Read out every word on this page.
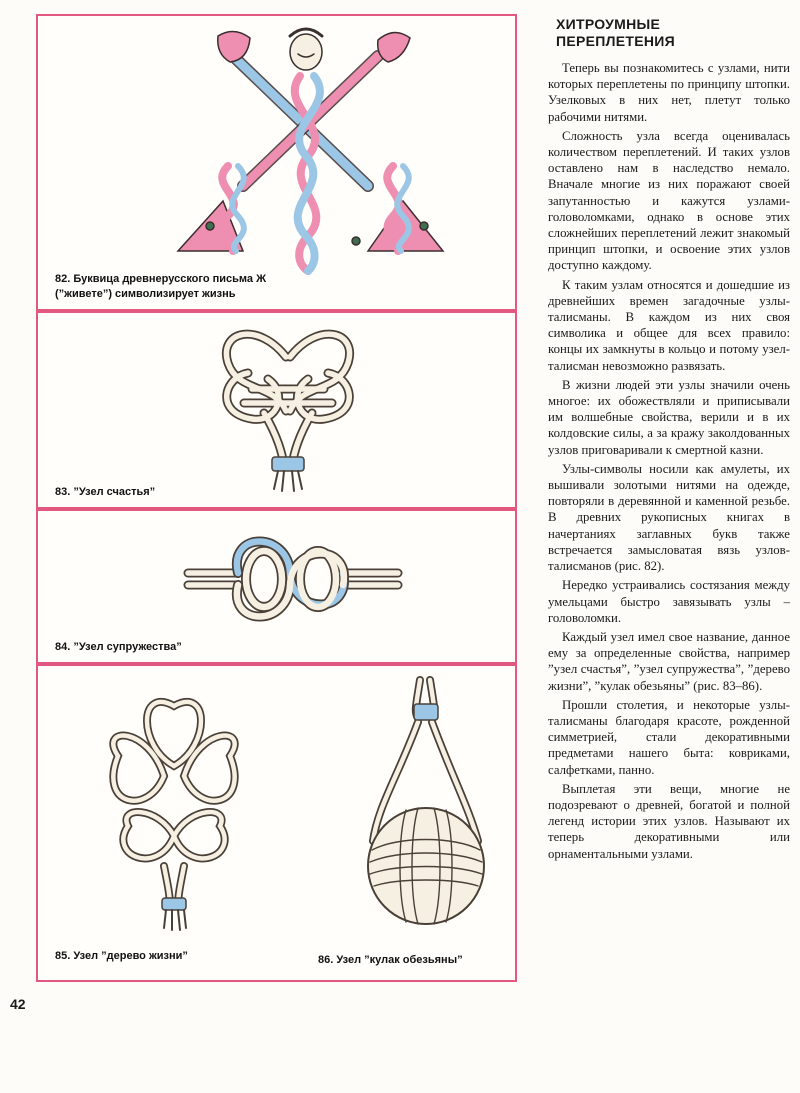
82. Буквица древнерусского письма Ж
(”живете”) символизирует жизнь
83. ”Узел счастья”
84. ”Узел супружества”
85. Узел ”дерево жизни”	86. Узел ”кулак обезьяны”
ХИТРОУМНЫЕ
ПЕРЕПЛЕТЕНИЯ

Теперь вы познакомитесь с узлами, нити которых переплетены по принципу штопки. Узелковых в них нет, плетут только рабочими нитями.

Сложность узла всегда оценивалась количеством переплетений. И таких узлов оставлено нам в наследство немало. Вначале многие из них поражают своей запутанностью и кажутся узлами-головоломками, однако в основе этих сложнейших переплетений лежит знакомый принцип штопки, и освоение этих узлов доступно каждому.

К таким узлам относятся и дошедшие из древнейших времен загадочные узлы-талисманы. В каждом из них своя символика и общее для всех правило: концы их замкнуты в кольцо и потому узел-талисман невозможно развязать.

В жизни людей эти узлы значили очень многое: их обожествляли и приписывали им волшебные свойства, верили и в их колдовские силы, а за кражу заколдованных узлов приговаривали к смертной казни.

Узлы-символы носили как амулеты, их вышивали золотыми нитями на одежде, повторяли в деревянной и каменной резьбе. В древних рукописных книгах в начертаниях заглавных букв также встречается замысловатая вязь узлов-талисманов (рис. 82).

Нередко устраивались состязания между умельцами быстро завязывать узлы – головоломки.

Каждый узел имел свое название, данное ему за определенные свойства, например ”узел счастья”, ”узел супружества”, ”дерево жизни”, ”кулак обезьяны” (рис. 83–86).

Прошли столетия, и некоторые узлы-талисманы благодаря красоте, рожденной симметрией, стали декоративными предметами нашего быта: ковриками, салфетками, панно.

Выплетая эти вещи, многие не подозревают о древней, богатой и полной легенд истории этих узлов. Называют их теперь декоративными или орнаментальными узлами.

42
